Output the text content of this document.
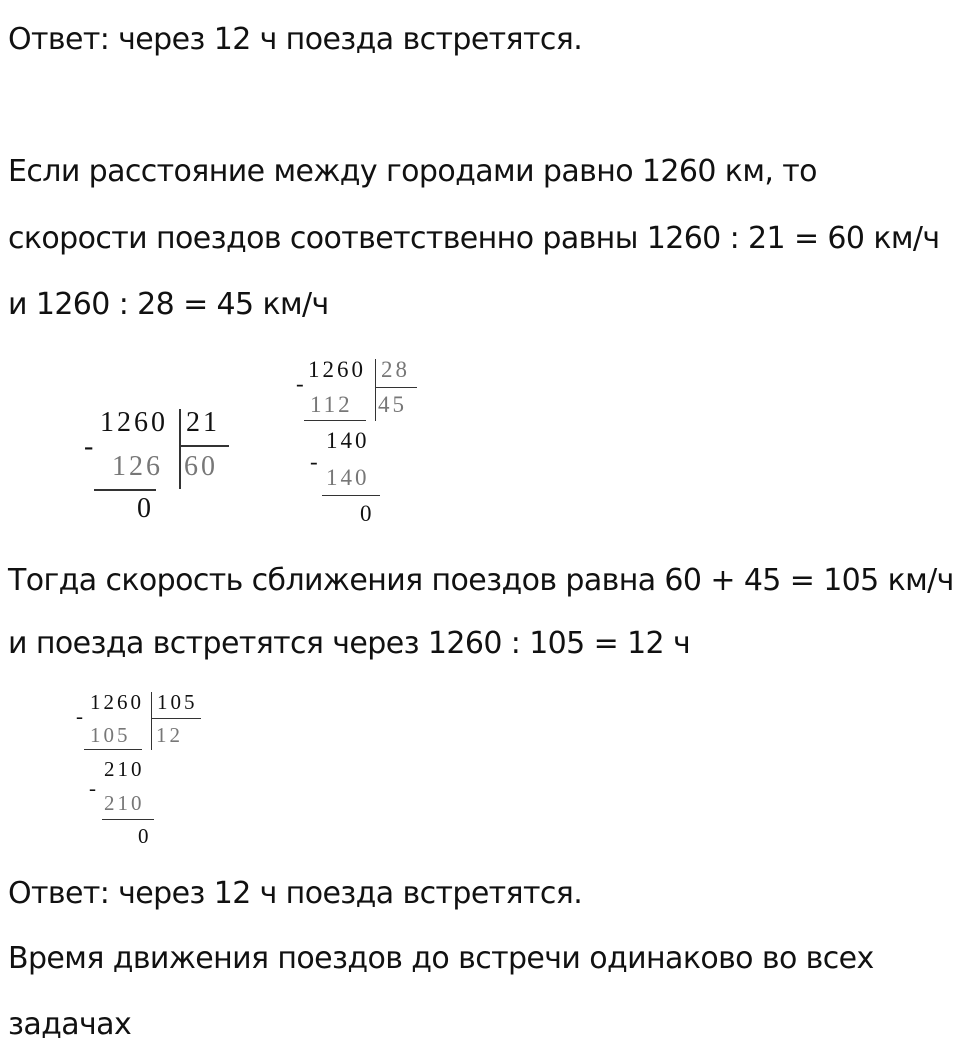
Ответ: через 12 ч поезда встретятся.

Если расстояние между городами равно 1260 км, то

скорости поездов соответственно равны 1260 : 21 = 60 км/ч

и 1260 : 28 = 45 км/ч

1260 21
-
126 60
0
1260 28
-
112 45
140
-
140
0

Тогда скорость сближения поездов равна 60 + 45 = 105 км/ч

и поезда встретятся через 1260 : 105 = 12 ч

1260 105
-
105 12
210
-
210
0

Ответ: через 12 ч поезда встретятся.

Время движения поездов до встречи одинаково во всех

задачах
